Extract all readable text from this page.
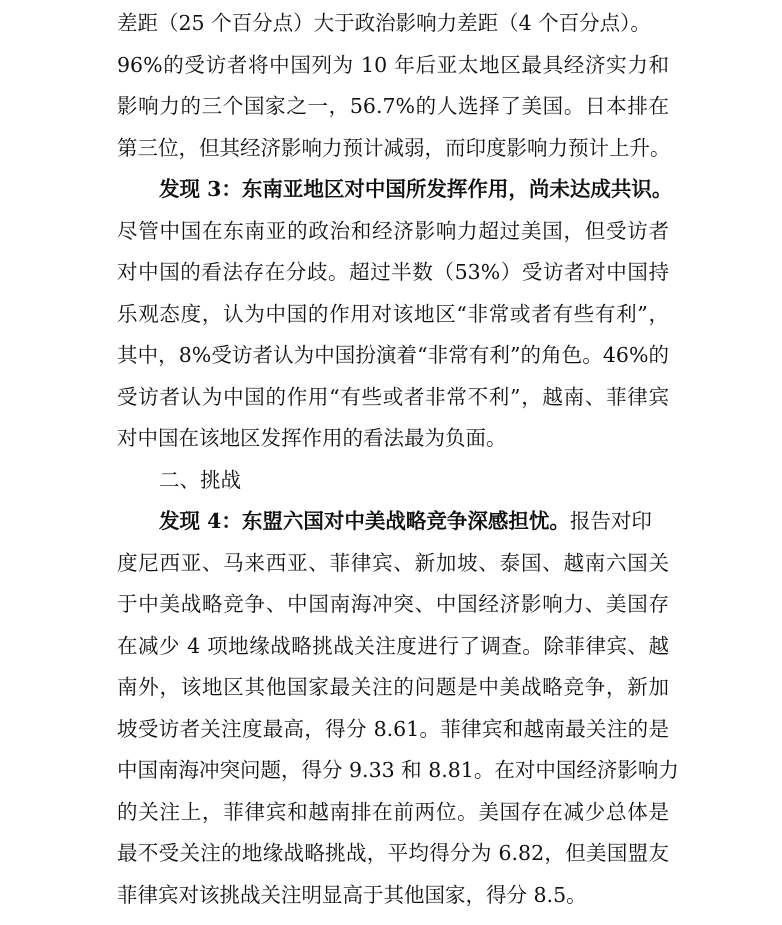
差距（25 个百分点）大于政治影响力差距（4 个百分点）。
96%的受访者将中国列为 10 年后亚太地区最具经济实力和
影响力的三个国家之一，56.7%的人选择了美国。日本排在
第三位，但其经济影响力预计减弱，而印度影响力预计上升。
发现 3：东南亚地区对中国所发挥作用，尚未达成共识。
尽管中国在东南亚的政治和经济影响力超过美国，但受访者
对中国的看法存在分歧。超过半数（53%）受访者对中国持
乐观态度，认为中国的作用对该地区“非常或者有些有利”，
其中，8%受访者认为中国扮演着“非常有利”的角色。46%的
受访者认为中国的作用“有些或者非常不利”，越南、菲律宾
对中国在该地区发挥作用的看法最为负面。
二、挑战
发现 4：东盟六国对中美战略竞争深感担忧。报告对印
度尼西亚、马来西亚、菲律宾、新加坡、泰国、越南六国关
于中美战略竞争、中国南海冲突、中国经济影响力、美国存
在减少 4 项地缘战略挑战关注度进行了调查。除菲律宾、越
南外，该地区其他国家最关注的问题是中美战略竞争，新加
坡受访者关注度最高，得分 8.61。菲律宾和越南最关注的是
中国南海冲突问题，得分 9.33 和 8.81。在对中国经济影响力
的关注上，菲律宾和越南排在前两位。美国存在减少总体是
最不受关注的地缘战略挑战，平均得分为 6.82，但美国盟友
菲律宾对该挑战关注明显高于其他国家，得分 8.5。
